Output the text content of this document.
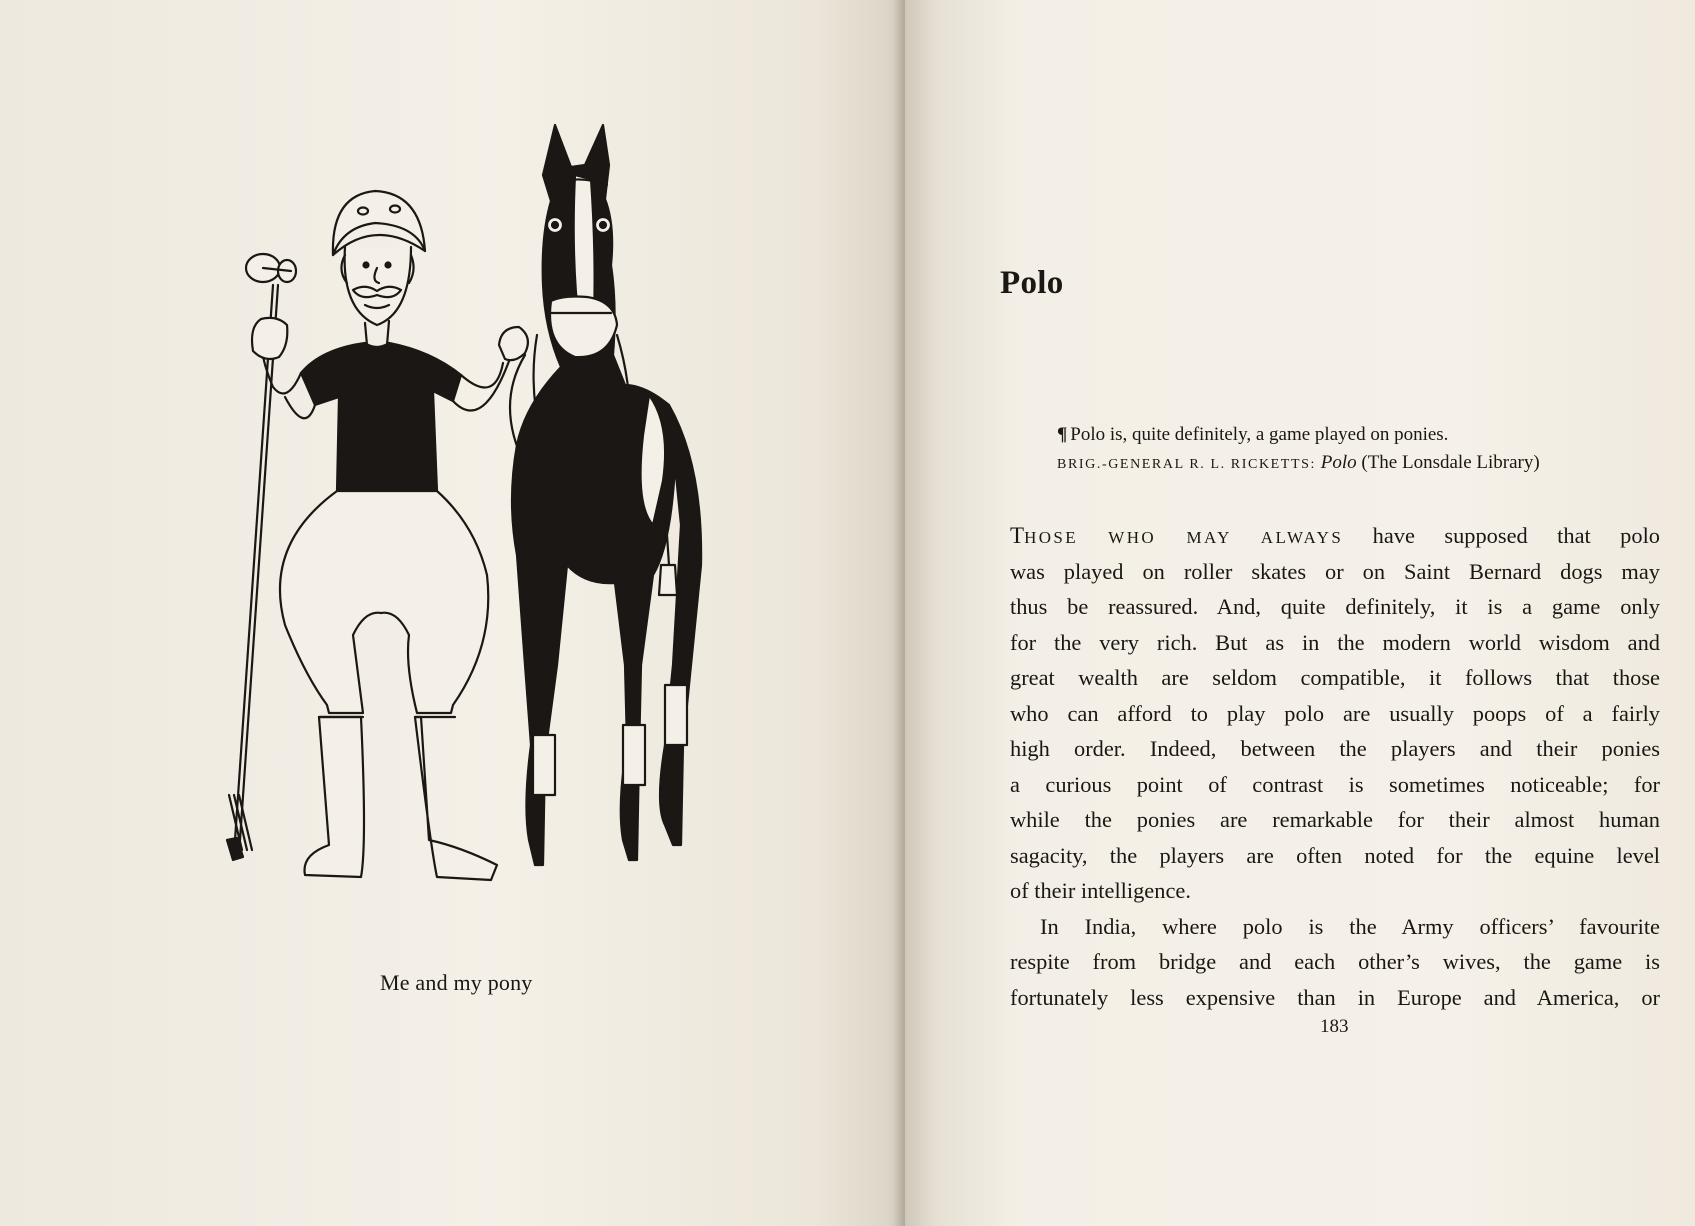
Me and my pony
Polo
¶ Polo is, quite definitely, a game played on ponies.
BRIG.-GENERAL R. L. RICKETTS: Polo (The Lonsdale Library)
THOSE WHO MAY ALWAYS have supposed that polo
was played on roller skates or on Saint Bernard dogs may
thus be reassured. And, quite definitely, it is a game only
for the very rich. But as in the modern world wisdom and
great wealth are seldom compatible, it follows that those
who can afford to play polo are usually poops of a fairly
high order. Indeed, between the players and their ponies
a curious point of contrast is sometimes noticeable; for
while the ponies are remarkable for their almost human
sagacity, the players are often noted for the equine level
of their intelligence.
In India, where polo is the Army officers’ favourite
respite from bridge and each other’s wives, the game is
fortunately less expensive than in Europe and America, or
183
